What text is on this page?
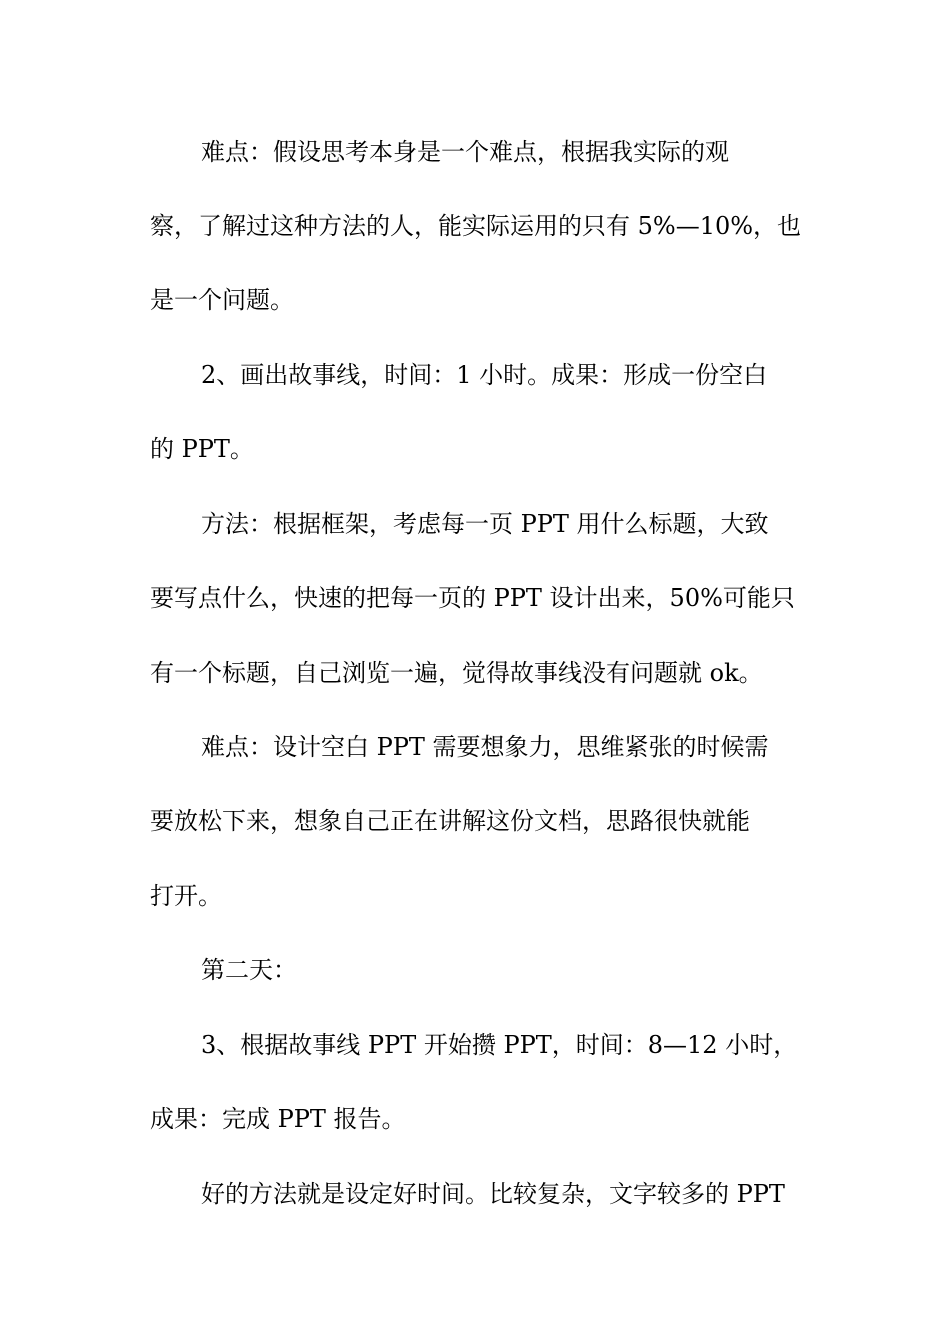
难点：假设思考本身是一个难点，根据我实际的观

察，了解过这种方法的人，能实际运用的只有 5%—10%，也

是一个问题。

2、画出故事线，时间：1 小时。成果：形成一份空白

的 PPT。

方法：根据框架，考虑每一页 PPT 用什么标题，大致

要写点什么，快速的把每一页的 PPT 设计出来，50%可能只

有一个标题，自己浏览一遍，觉得故事线没有问题就 ok。

难点：设计空白 PPT 需要想象力，思维紧张的时候需

要放松下来，想象自己正在讲解这份文档，思路很快就能

打开。

第二天：

3、根据故事线 PPT 开始攒 PPT，时间：8—12 小时，

成果：完成 PPT 报告。

好的方法就是设定好时间。比较复杂，文字较多的 PPT
